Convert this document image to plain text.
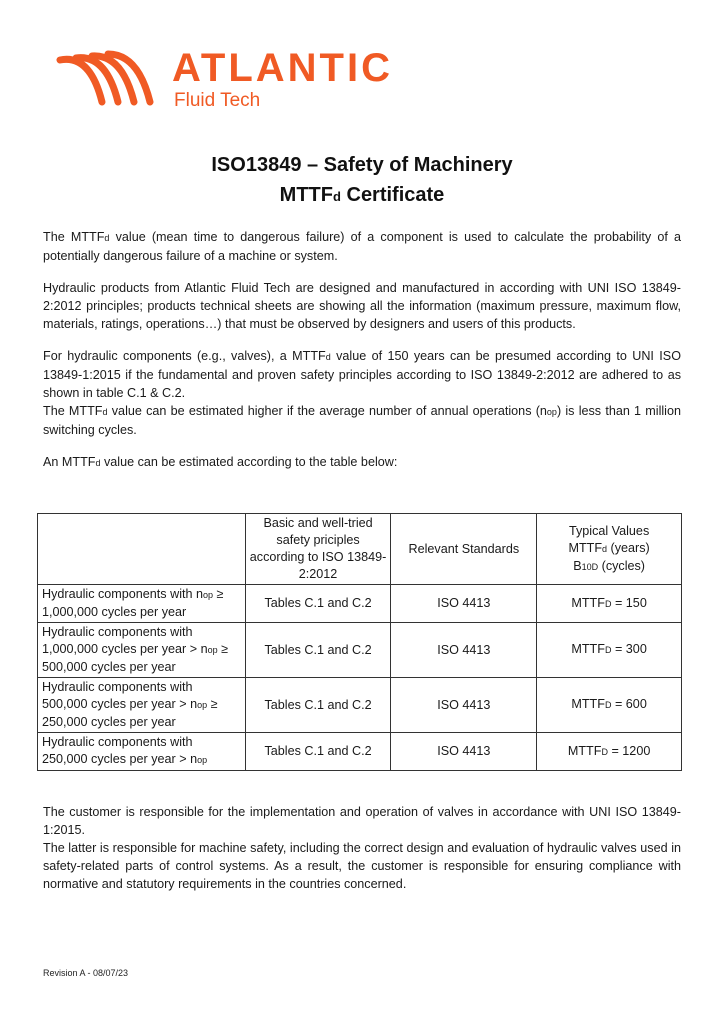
ATLANTIC
Fluid Tech
ISO13849 – Safety of Machinery
MTTFd Certificate

The MTTFd value (mean time to dangerous failure) of a component is used to calculate the probability of a potentially dangerous failure of a machine or system.

Hydraulic products from Atlantic Fluid Tech are designed and manufactured in according with UNI ISO 13849-2:2012 principles; products technical sheets are showing all the information (maximum pressure, maximum flow, materials, ratings, operations…) that must be observed by designers and users of this products.

For hydraulic components (e.g., valves), a MTTFd value of 150 years can be presumed according to UNI ISO 13849-1:2015 if the fundamental and proven safety principles according to ISO 13849-2:2012 are adhered to as shown in table C.1 & C.2.

The MTTFd value can be estimated higher if the average number of annual operations (nop) is less than 1 million switching cycles.

An MTTFd value can be estimated according to the table below:

	Basic and well-tried safety priciples according to ISO 13849-2:2012	Relevant Standards	Typical Values
MTTFd (years)
B10D (cycles)
Hydraulic components with nop ≥ 1,000,000 cycles per year	Tables C.1 and C.2	ISO 4413	MTTFD = 150
Hydraulic components with 1,000,000 cycles per year > nop ≥ 500,000 cycles per year	Tables C.1 and C.2	ISO 4413	MTTFD = 300
Hydraulic components with 500,000 cycles per year > nop ≥ 250,000 cycles per year	Tables C.1 and C.2	ISO 4413	MTTFD = 600
Hydraulic components with 250,000 cycles per year > nop	Tables C.1 and C.2	ISO 4413	MTTFD = 1200

The customer is responsible for the implementation and operation of valves in accordance with UNI ISO 13849-1:2015.

The latter is responsible for machine safety, including the correct design and evaluation of hydraulic valves used in safety-related parts of control systems. As a result, the customer is responsible for ensuring compliance with normative and statutory requirements in the countries concerned.

Revision A - 08/07/23
